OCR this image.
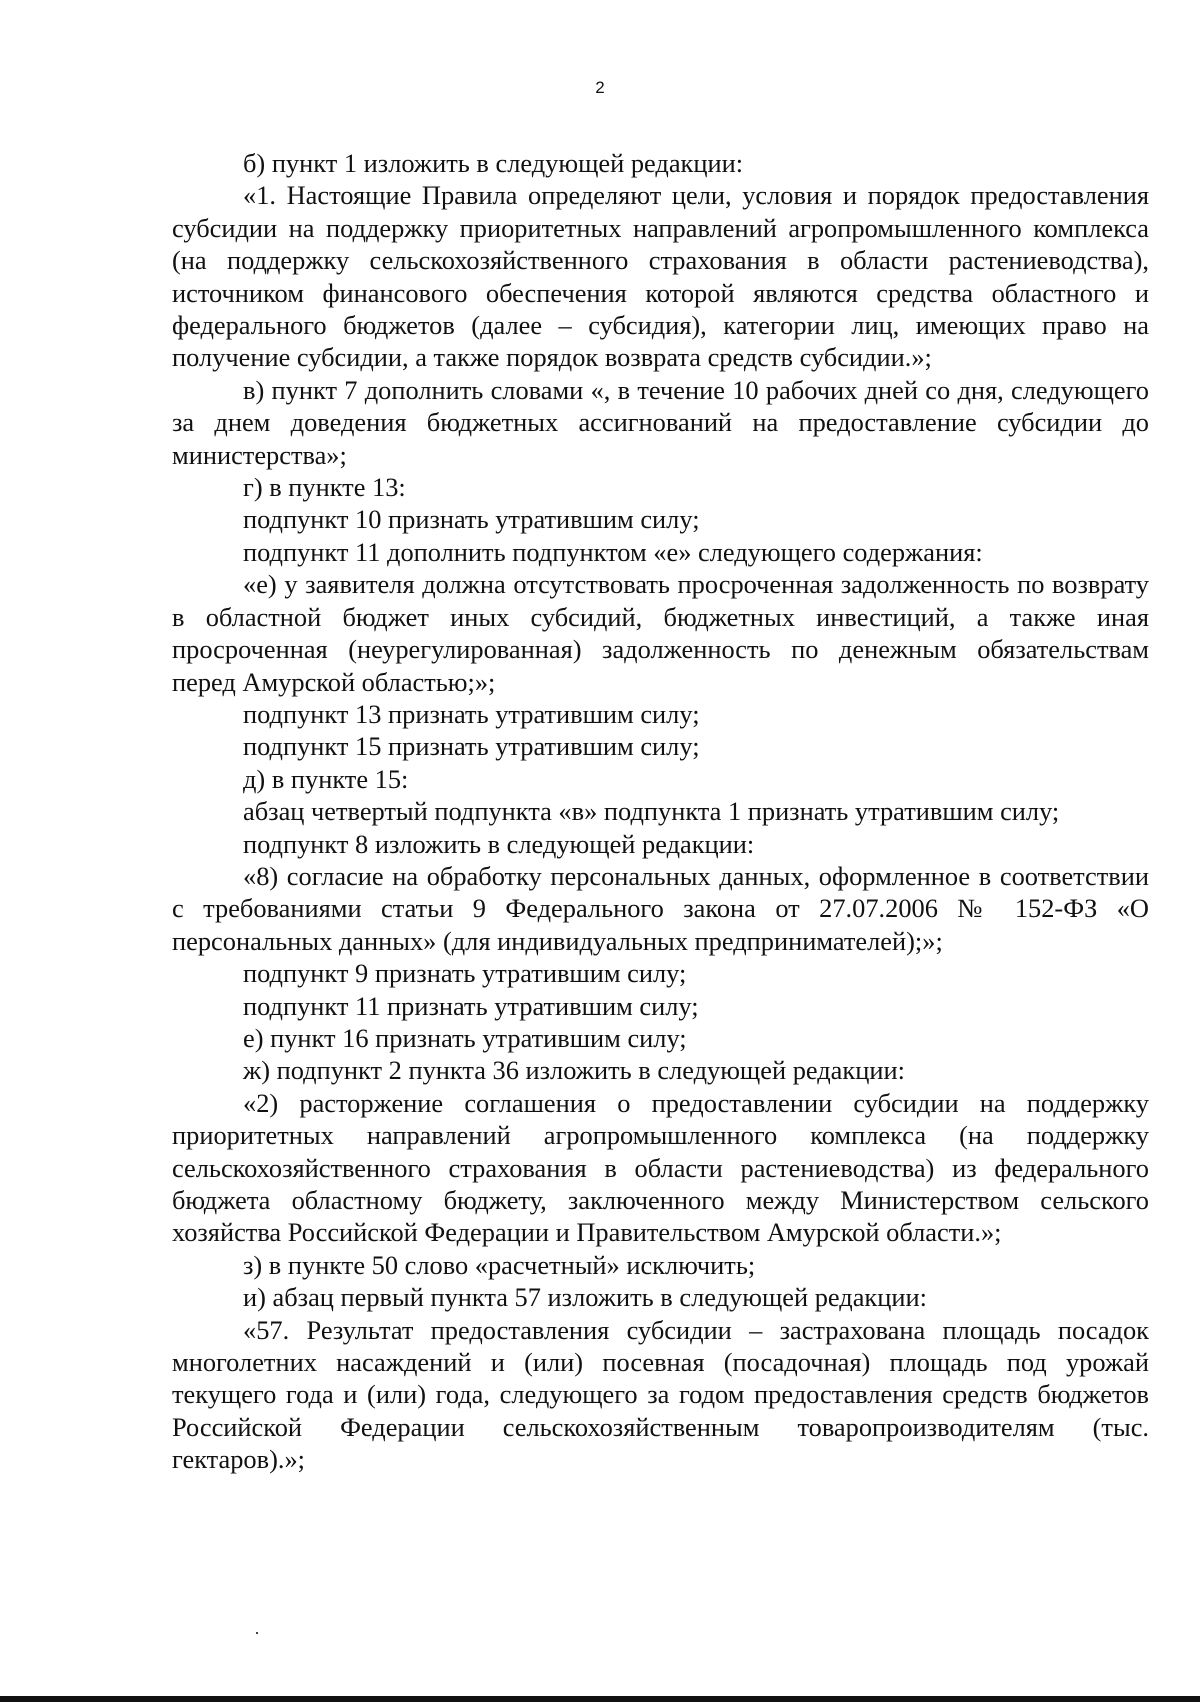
2

б) пункт 1 изложить в следующей редакции:

«1. Настоящие Правила определяют цели, условия и порядок предоставления субсидии на поддержку приоритетных направлений агропромышленного комплекса (на поддержку сельскохозяйственного страхования в области растениеводства), источником финансового обеспечения которой являются средства областного и федерального бюджетов (далее – субсидия), категории лиц, имеющих право на получение субсидии, а также порядок возврата средств субсидии.»;

в) пункт 7 дополнить словами «, в течение 10 рабочих дней со дня, следующего за днем доведения бюджетных ассигнований на предоставление субсидии до министерства»;

г) в пункте 13:

подпункт 10 признать утратившим силу;

подпункт 11 дополнить подпунктом «е» следующего содержания:

«е) у заявителя должна отсутствовать просроченная задолженность по возврату в областной бюджет иных субсидий, бюджетных инвестиций, а также иная просроченная (неурегулированная) задолженность по денежным обязательствам перед Амурской областью;»;

подпункт 13 признать утратившим силу;

подпункт 15 признать утратившим силу;

д) в пункте 15:

абзац четвертый подпункта «в» подпункта 1 признать утратившим силу;

подпункт 8 изложить в следующей редакции:

«8) согласие на обработку персональных данных, оформленное в соответствии с требованиями статьи 9 Федерального закона от 27.07.2006 № 152-ФЗ «О персональных данных» (для индивидуальных предпринимателей);»;

подпункт 9 признать утратившим силу;

подпункт 11 признать утратившим силу;

е) пункт 16 признать утратившим силу;

ж) подпункт 2 пункта 36 изложить в следующей редакции:

«2) расторжение соглашения о предоставлении субсидии на поддержку приоритетных направлений агропромышленного комплекса (на поддержку сельскохозяйственного страхования в области растениеводства) из федерального бюджета областному бюджету, заключенного между Министерством сельского хозяйства Российской Федерации и Правительством Амурской области.»;

з) в пункте 50 слово «расчетный» исключить;

и) абзац первый пункта 57 изложить в следующей редакции:

«57. Результат предоставления субсидии – застрахована площадь посадок многолетних насаждений и (или) посевная (посадочная) площадь под урожай текущего года и (или) года, следующего за годом предоставления средств бюджетов Российской Федерации сельскохозяйственным товаропроизводителям (тыс. гектаров).»;
